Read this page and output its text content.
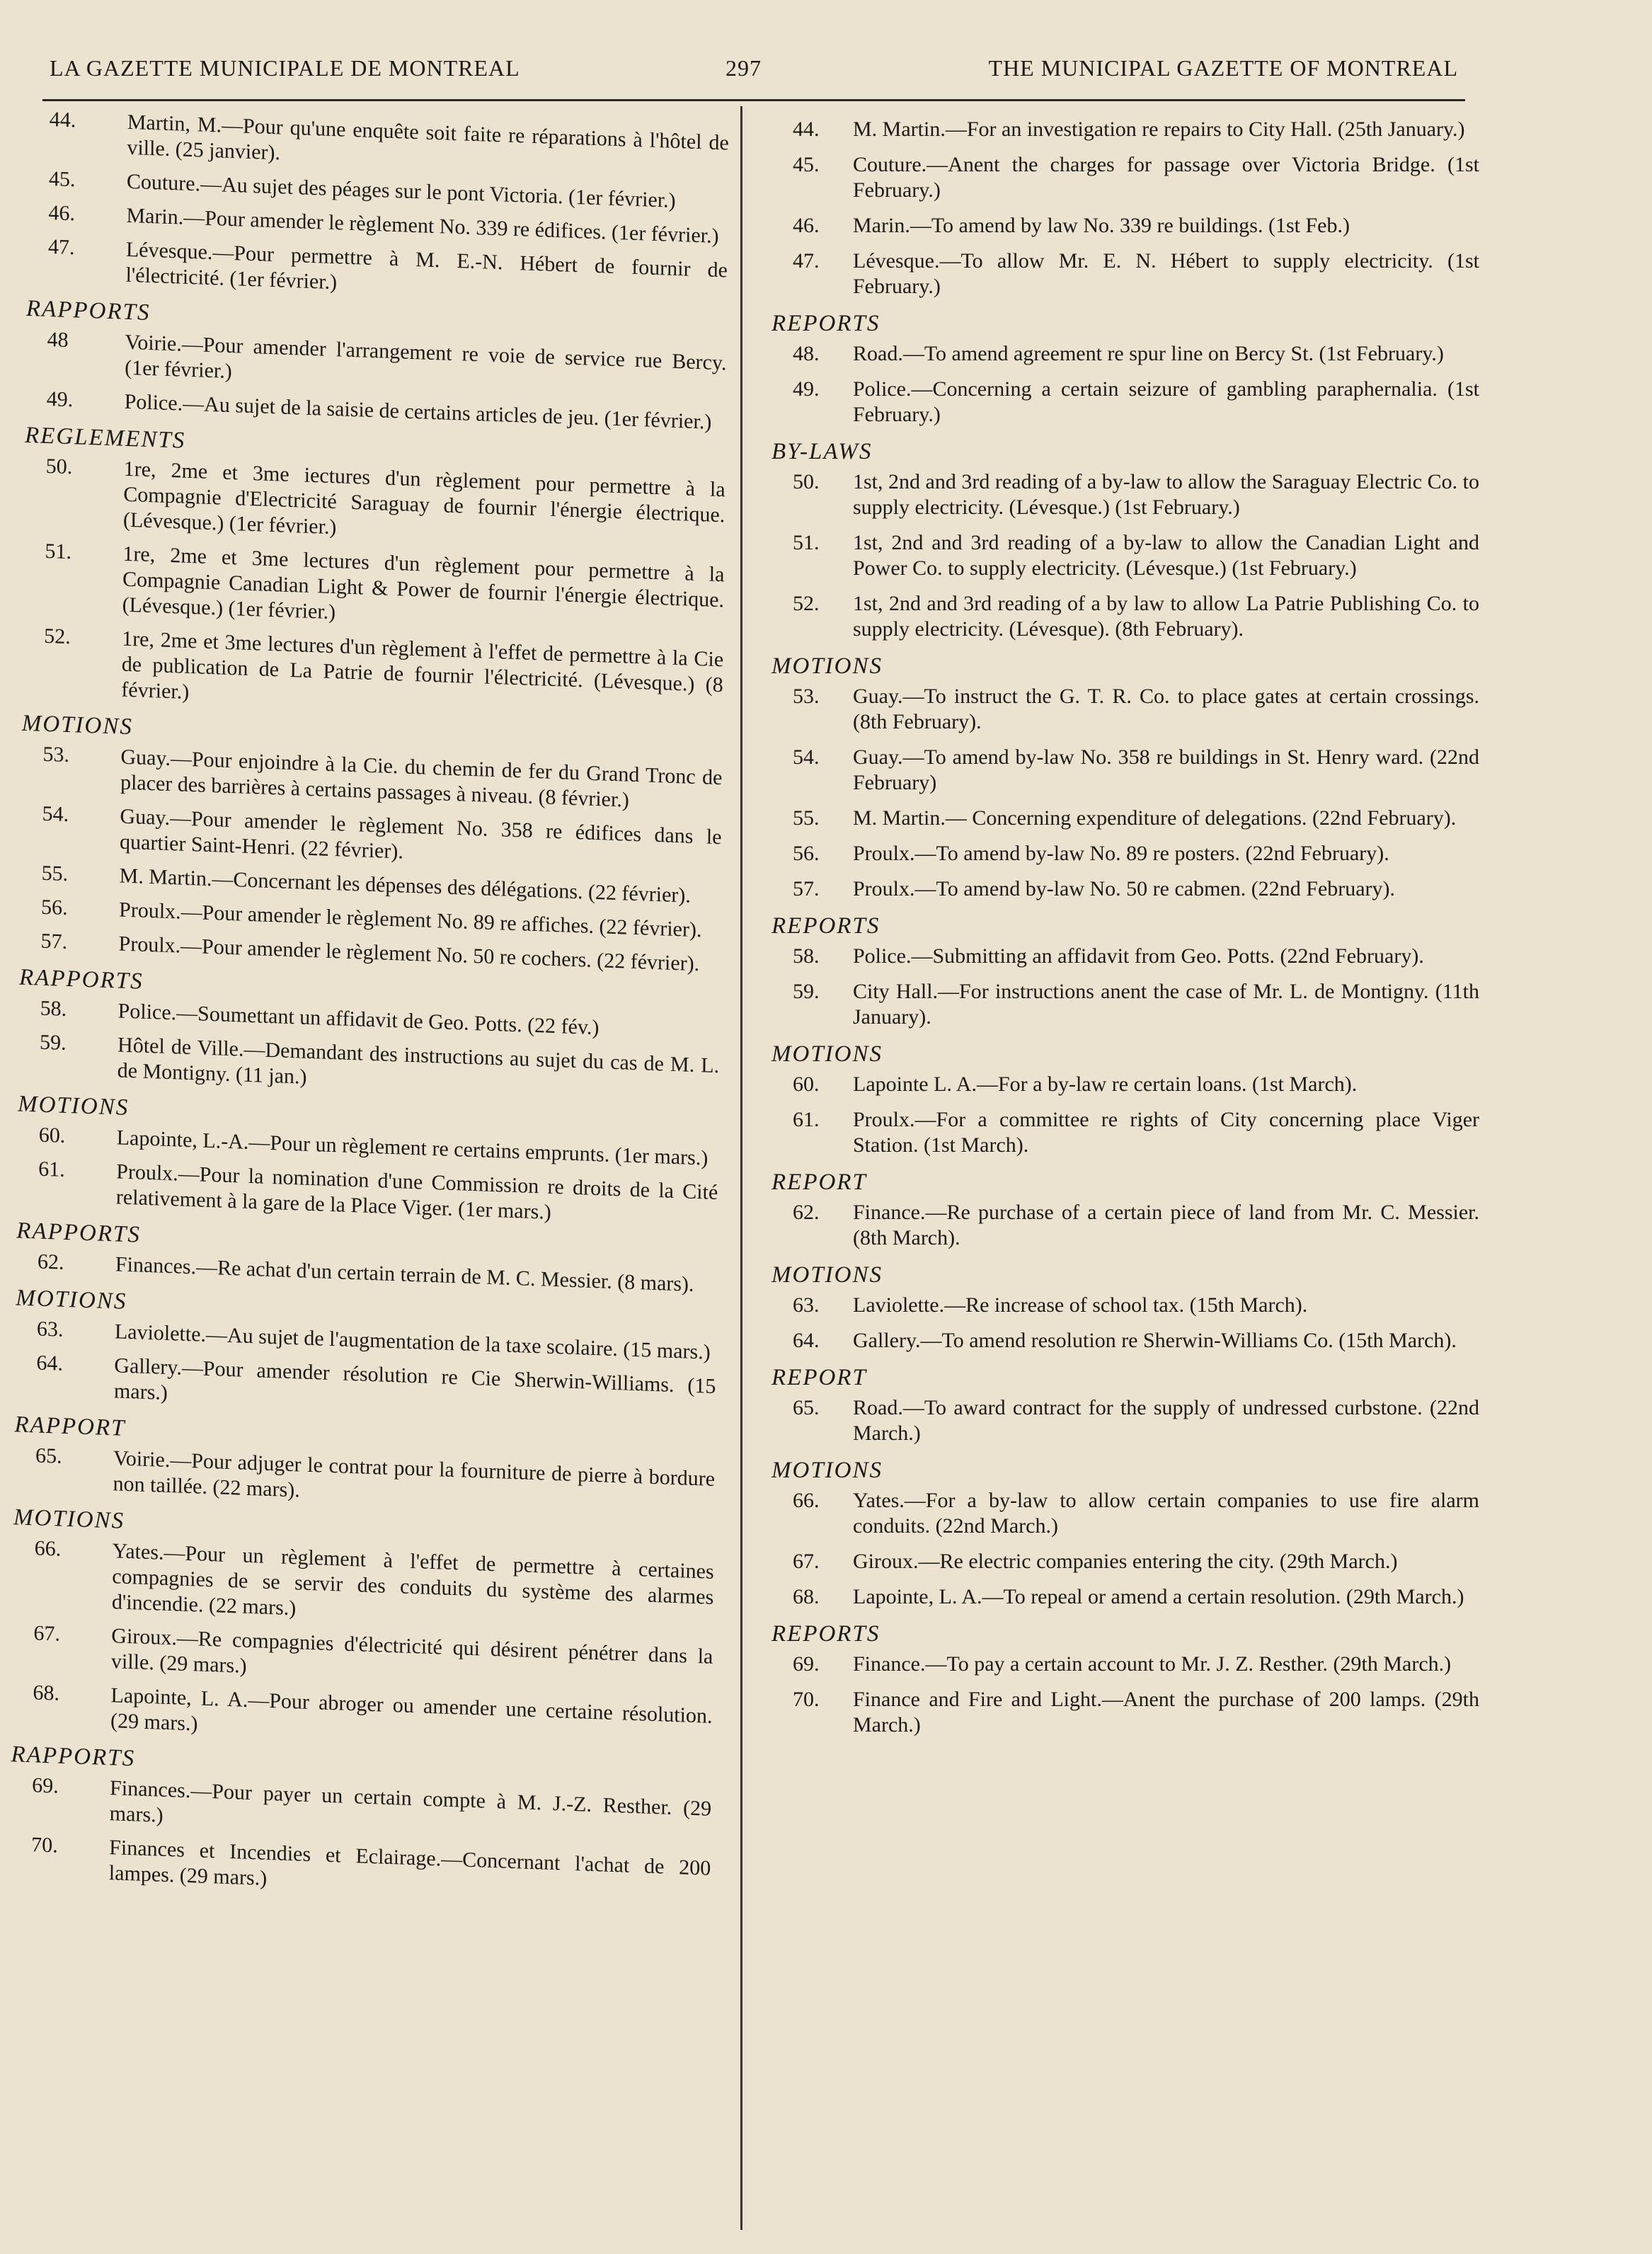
LA GAZETTE MUNICIPALE DE MONTREAL	297	THE MUNICIPAL GAZETTE OF MONTREAL
44.	Martin, M.—Pour qu'une enquête soit faite re réparations à l'hôtel de ville. (25 janvier).
45.	Couture.—Au sujet des péages sur le pont Victoria. (1er février.)
46.	Marin.—Pour amender le règlement No. 339 re édifices. (1er février.)
47.	Lévesque.—Pour permettre à M. E.-N. Hébert de fournir de l'électricité. (1er février.)
RAPPORTS
48	Voirie.—Pour amender l'arrangement re voie de service rue Bercy. (1er février.)
49.	Police.—Au sujet de la saisie de certains articles de jeu. (1er février.)
REGLEMENTS
50.	1re, 2me et 3me iectures d'un règlement pour permettre à la Compagnie d'Electricité Saraguay de fournir l'énergie électrique. (Lévesque.) (1er février.)
51.	1re, 2me et 3me lectures d'un règlement pour permettre à la Compagnie Canadian Light & Power de fournir l'énergie électrique. (Lévesque.) (1er février.)
52.	1re, 2me et 3me lectures d'un règlement à l'effet de permettre à la Cie de publication de La Patrie de fournir l'électricité. (Lévesque.) (8 février.)
MOTIONS
53.	Guay.—Pour enjoindre à la Cie. du chemin de fer du Grand Tronc de placer des barrières à certains passages à niveau. (8 février.)
54.	Guay.—Pour amender le règlement No. 358 re édifices dans le quartier Saint-Henri. (22 février).
55.	M. Martin.—Concernant les dépenses des délégations. (22 février).
56.	Proulx.—Pour amender le règlement No. 89 re affiches. (22 février).
57.	Proulx.—Pour amender le règlement No. 50 re cochers. (22 février).
RAPPORTS
58.	Police.—Soumettant un affidavit de Geo. Potts. (22 fév.)
59.	Hôtel de Ville.—Demandant des instructions au sujet du cas de M. L. de Montigny. (11 jan.)
MOTIONS
60.	Lapointe, L.-A.—Pour un règlement re certains emprunts. (1er mars.)
61.	Proulx.—Pour la nomination d'une Commission re droits de la Cité relativement à la gare de la Place Viger. (1er mars.)
RAPPORTS
62.	Finances.—Re achat d'un certain terrain de M. C. Messier. (8 mars).
MOTIONS
63.	Laviolette.—Au sujet de l'augmentation de la taxe scolaire. (15 mars.)
64.	Gallery.—Pour amender résolution re Cie Sherwin-Williams. (15 mars.)
RAPPORT
65.	Voirie.—Pour adjuger le contrat pour la fourniture de pierre à bordure non taillée. (22 mars).
MOTIONS
66.	Yates.—Pour un règlement à l'effet de permettre à certaines compagnies de se servir des conduits du système des alarmes d'incendie. (22 mars.)
67.	Giroux.—Re compagnies d'électricité qui désirent pénétrer dans la ville. (29 mars.)
68.	Lapointe, L. A.—Pour abroger ou amender une certaine résolution. (29 mars.)
RAPPORTS
69.	Finances.—Pour payer un certain compte à M. J.-Z. Resther. (29 mars.)
70.	Finances et Incendies et Eclairage.—Concernant l'achat de 200 lampes. (29 mars.)
44.	M. Martin.—For an investigation re repairs to City Hall. (25th January.)
45.	Couture.—Anent the charges for passage over Victoria Bridge. (1st February.)
46.	Marin.—To amend by law No. 339 re buildings. (1st Feb.)
47.	Lévesque.—To allow Mr. E. N. Hébert to supply electricity. (1st February.)
REPORTS
48.	Road.—To amend agreement re spur line on Bercy St. (1st February.)
49.	Police.—Concerning a certain seizure of gambling paraphernalia. (1st February.)
BY-LAWS
50.	1st, 2nd and 3rd reading of a by-law to allow the Saraguay Electric Co. to supply electricity. (Lévesque.) (1st February.)
51.	1st, 2nd and 3rd reading of a by-law to allow the Canadian Light and Power Co. to supply electricity. (Lévesque.) (1st February.)
52.	1st, 2nd and 3rd reading of a by law to allow La Patrie Publishing Co. to supply electricity. (Lévesque). (8th February).
MOTIONS
53.	Guay.—To instruct the G. T. R. Co. to place gates at certain crossings. (8th February).
54.	Guay.—To amend by-law No. 358 re buildings in St. Henry ward. (22nd February)
55.	M. Martin.— Concerning expenditure of delegations. (22nd February).
56.	Proulx.—To amend by-law No. 89 re posters. (22nd February).
57.	Proulx.—To amend by-law No. 50 re cabmen. (22nd February).
REPORTS
58.	Police.—Submitting an affidavit from Geo. Potts. (22nd February).
59.	City Hall.—For instructions anent the case of Mr. L. de Montigny. (11th January).
MOTIONS
60.	Lapointe L. A.—For a by-law re certain loans. (1st March).
61.	Proulx.—For a committee re rights of City concerning place Viger Station. (1st March).
REPORT
62.	Finance.—Re purchase of a certain piece of land from Mr. C. Messier. (8th March).
MOTIONS
63.	Laviolette.—Re increase of school tax. (15th March).
64.	Gallery.—To amend resolution re Sherwin-Williams Co. (15th March).
REPORT
65.	Road.—To award contract for the supply of undressed curbstone. (22nd March.)
MOTIONS
66.	Yates.—For a by-law to allow certain companies to use fire alarm conduits. (22nd March.)
67.	Giroux.—Re electric companies entering the city. (29th March.)
68.	Lapointe, L. A.—To repeal or amend a certain resolution. (29th March.)
REPORTS
69.	Finance.—To pay a certain account to Mr. J. Z. Resther. (29th March.)
70.	Finance and Fire and Light.—Anent the purchase of 200 lamps. (29th March.)
